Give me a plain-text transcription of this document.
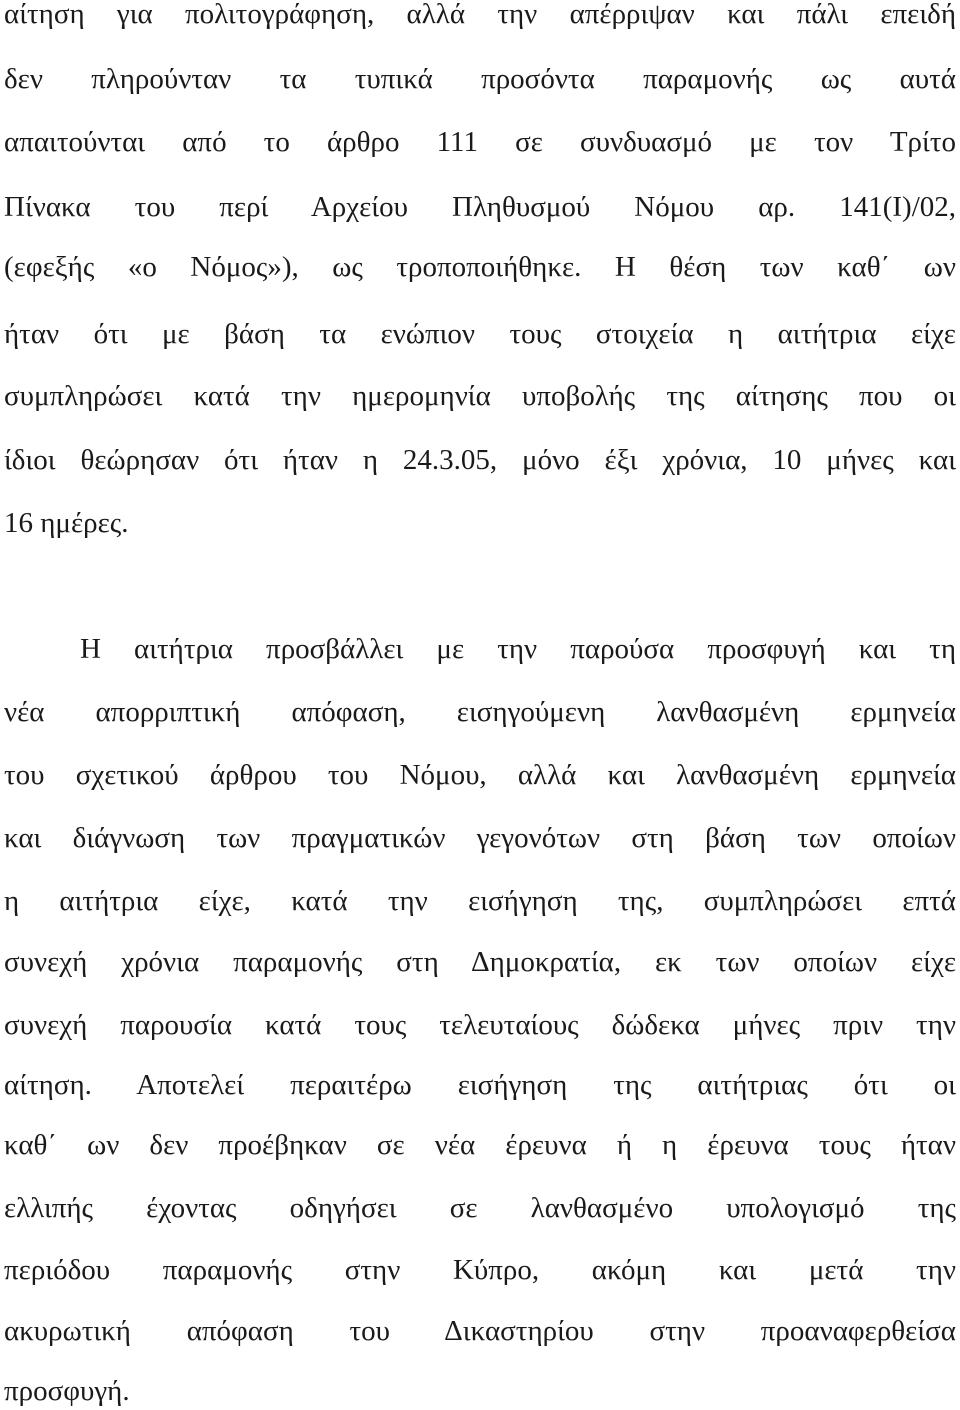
αίτηση για πολιτογράφηση, αλλά την απέρριψαν και πάλι επειδή
δεν πληρούνταν τα τυπικά προσόντα παραμονής ως αυτά
απαιτούνται από το άρθρο 111 σε συνδυασμό με τον Τρίτο
Πίνακα του περί Αρχείου Πληθυσμού Νόμου αρ. 141(Ι)/02,
(εφεξής «ο Νόμος»), ως τροποποιήθηκε. Η θέση των καθ΄ ων
ήταν ότι με βάση τα ενώπιον τους στοιχεία η αιτήτρια είχε
συμπληρώσει κατά την ημερομηνία υποβολής της αίτησης που οι
ίδιοι θεώρησαν ότι ήταν η 24.3.05, μόνο έξι χρόνια, 10 μήνες και
16 ημέρες.
Η αιτήτρια προσβάλλει με την παρούσα προσφυγή και τη
νέα απορριπτική απόφαση, εισηγούμενη λανθασμένη ερμηνεία
του σχετικού άρθρου του Νόμου, αλλά και λανθασμένη ερμηνεία
και διάγνωση των πραγματικών γεγονότων στη βάση των οποίων
η αιτήτρια είχε, κατά την εισήγηση της, συμπληρώσει επτά
συνεχή χρόνια παραμονής στη Δημοκρατία, εκ των οποίων είχε
συνεχή παρουσία κατά τους τελευταίους δώδεκα μήνες πριν την
αίτηση. Αποτελεί περαιτέρω εισήγηση της αιτήτριας ότι οι
καθ΄ ων δεν προέβηκαν σε νέα έρευνα ή η έρευνα τους ήταν
ελλιπής έχοντας οδηγήσει σε λανθασμένο υπολογισμό της
περιόδου παραμονής στην Κύπρο, ακόμη και μετά την
ακυρωτική απόφαση του Δικαστηρίου στην προαναφερθείσα
προσφυγή.
